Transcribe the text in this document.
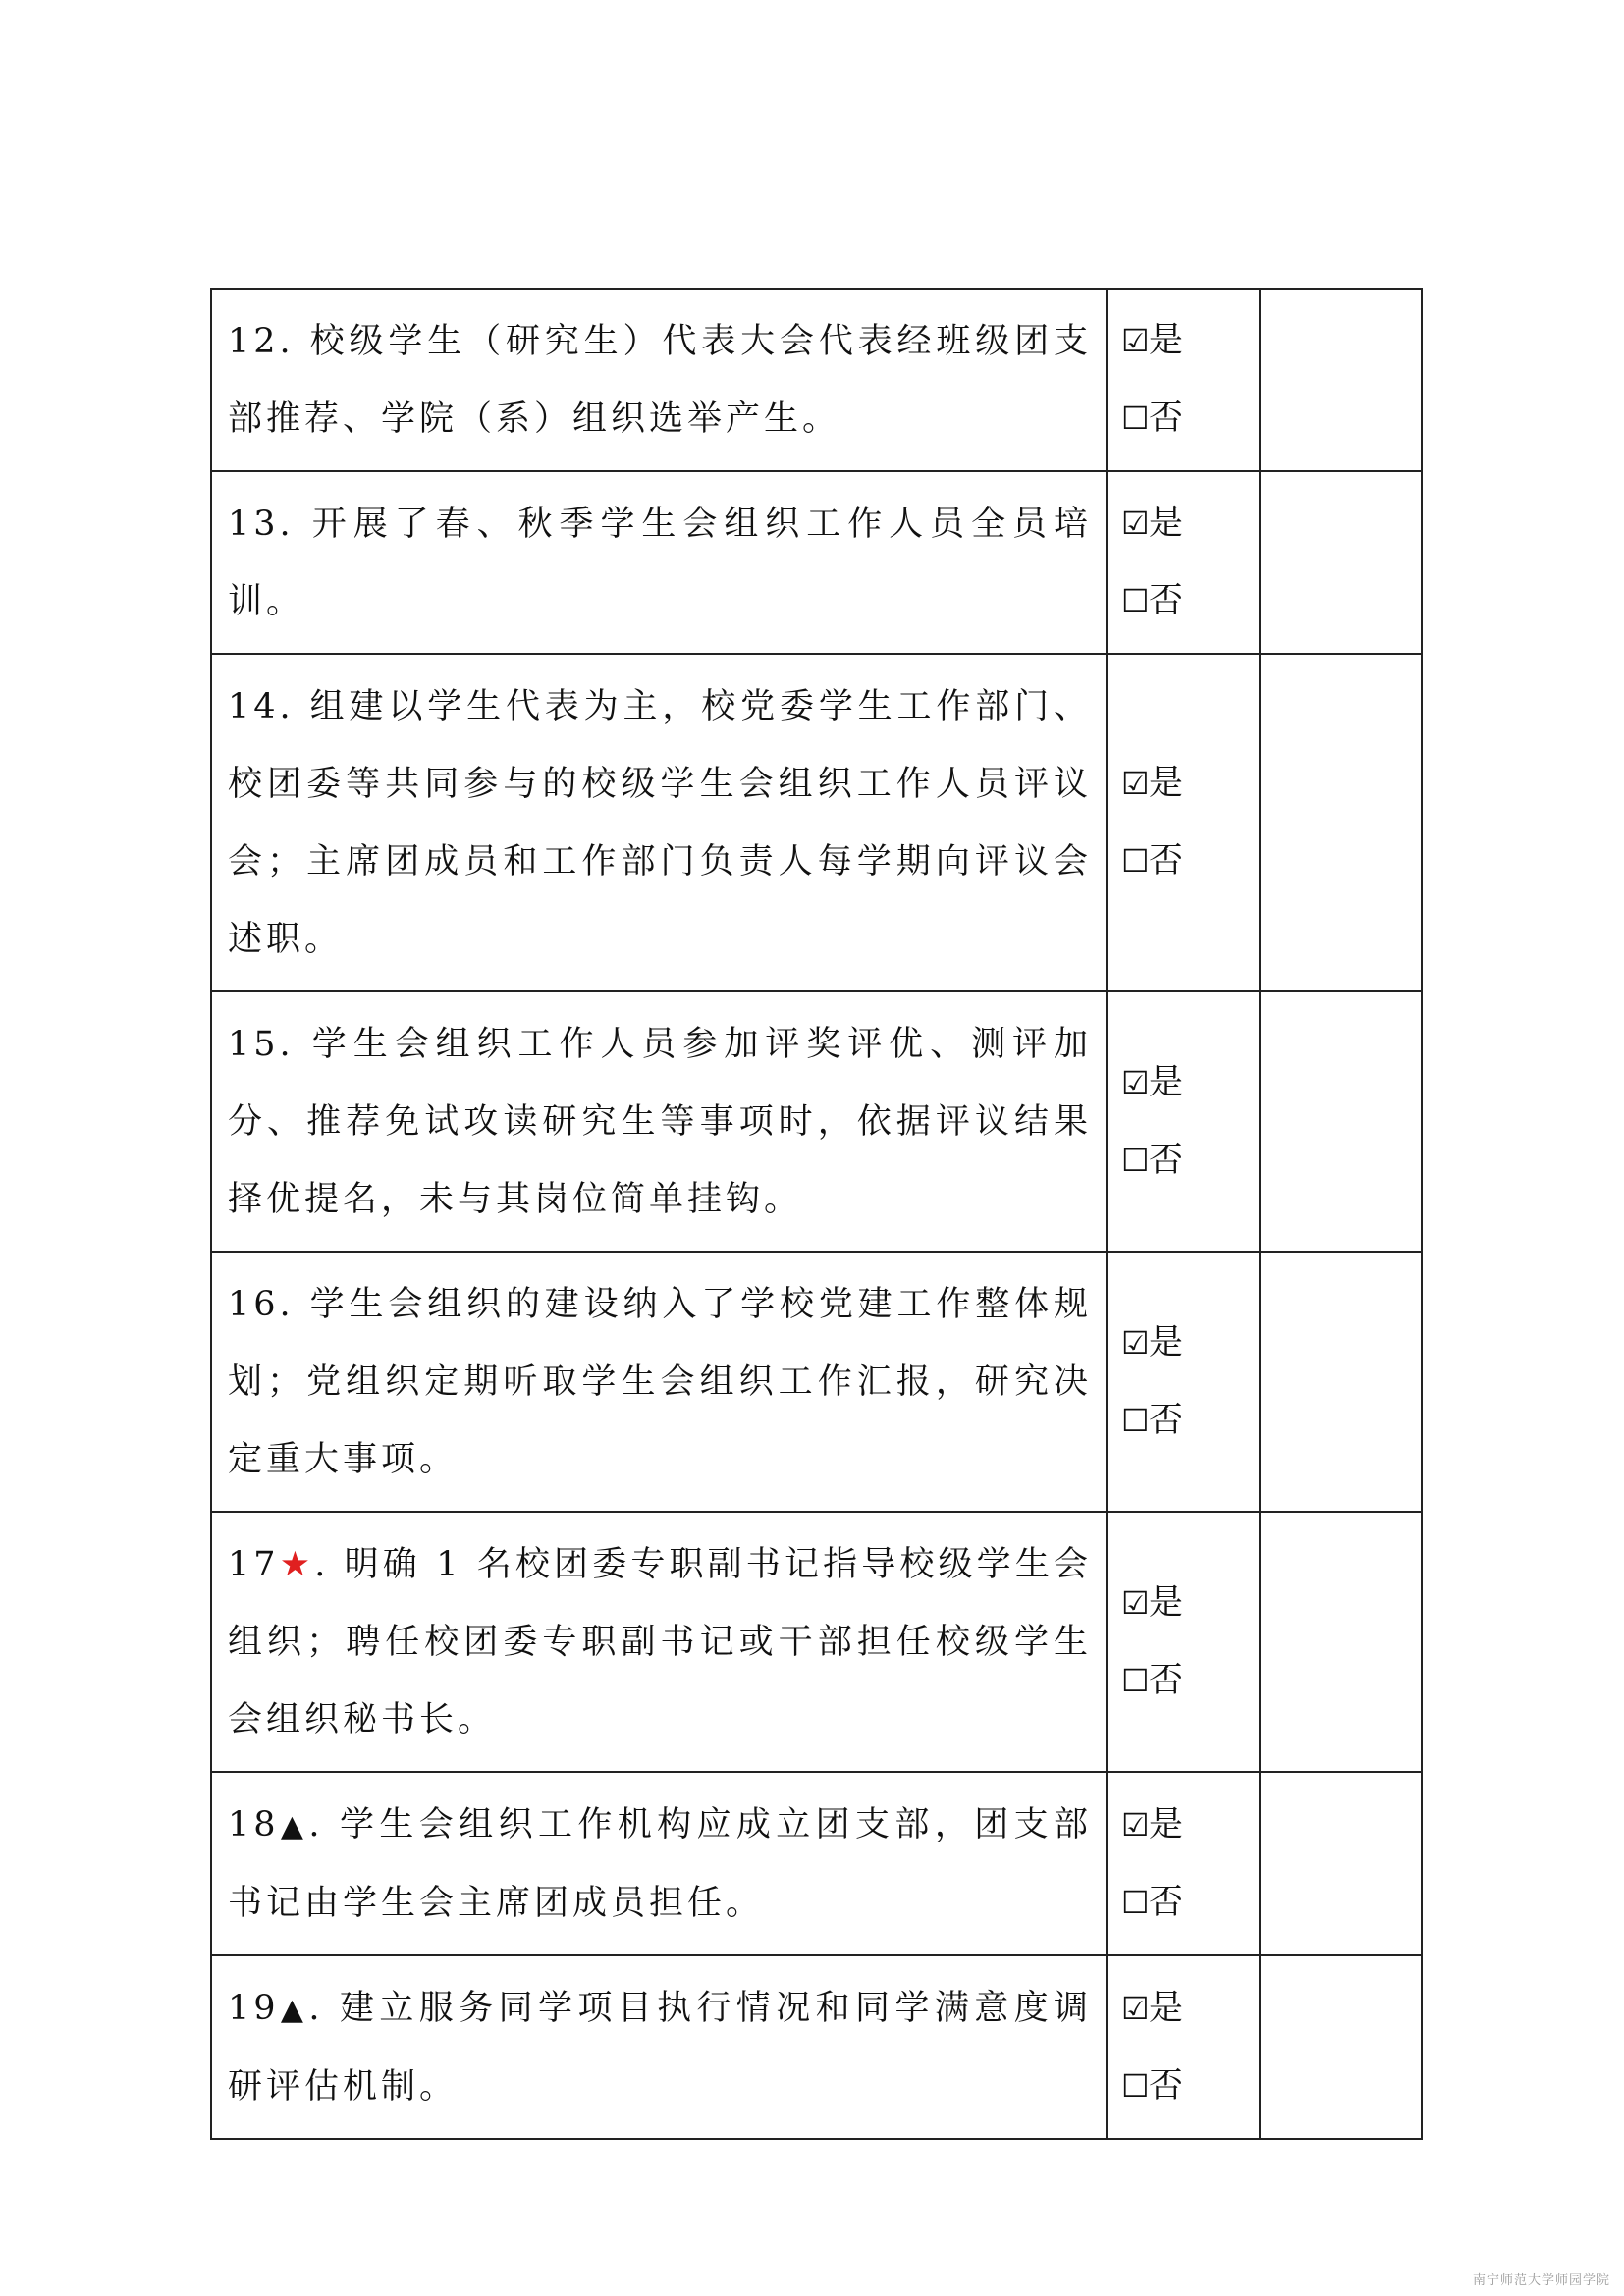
12. 校级学生（研究生）代表大会代表经班级团支部推荐、学院（系）组织选举产生。	☑是
☐否	

13. 开展了春、秋季学生会组织工作人员全员培训。	☑是
☐否	

14. 组建以学生代表为主，校党委学生工作部门、校团委等共同参与的校级学生会组织工作人员评议会；主席团成员和工作部门负责人每学期向评议会述职。	☑是
☐否	

15. 学生会组织工作人员参加评奖评优、测评加分、推荐免试攻读研究生等事项时，依据评议结果择优提名，未与其岗位简单挂钩。	☑是
☐否	

16. 学生会组织的建设纳入了学校党建工作整体规划；党组织定期听取学生会组织工作汇报，研究决定重大事项。	☑是
☐否	

17★. 明确 1 名校团委专职副书记指导校级学生会组织；聘任校团委专职副书记或干部担任校级学生会组织秘书长。	☑是
☐否	

18▲. 学生会组织工作机构应成立团支部，团支部书记由学生会主席团成员担任。	☑是
☐否	

19▲. 建立服务同学项目执行情况和同学满意度调研评估机制。	☑是
☐否	

南宁师范大学师园学院
